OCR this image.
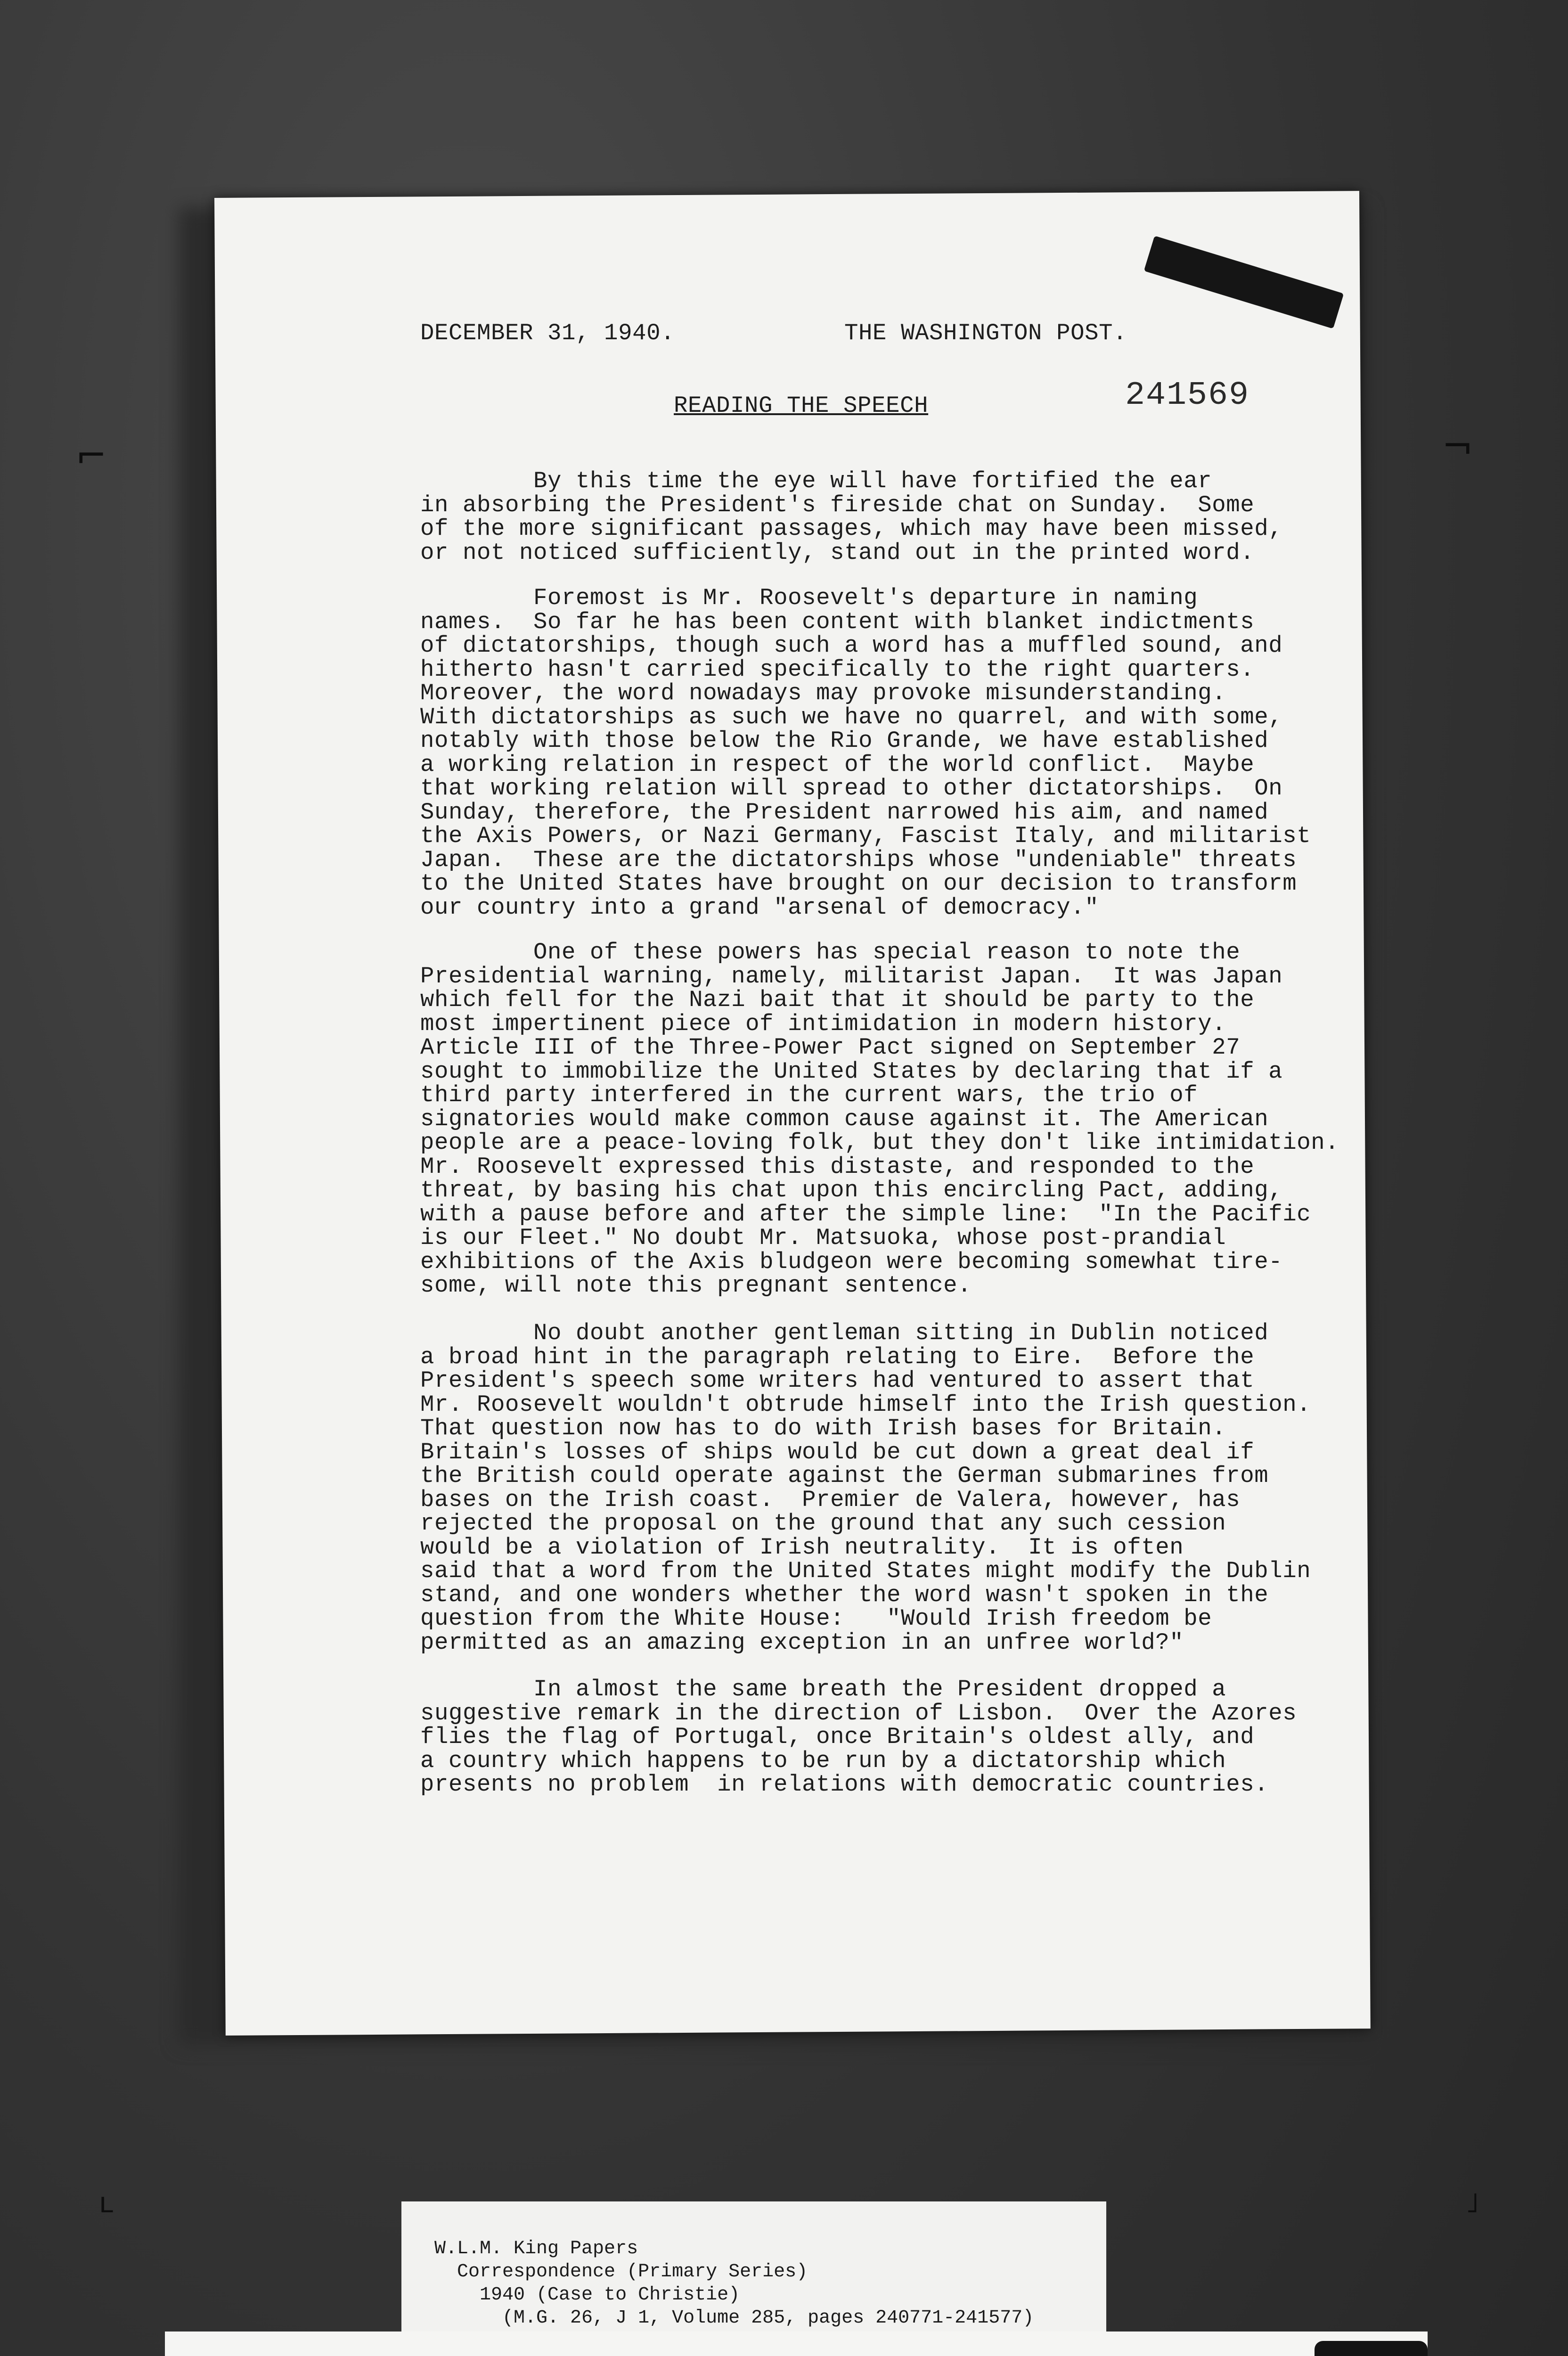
⌐	¬
DECEMBER 31, 1940.	THE WASHINGTON POST.
READING THE SPEECH	241569
By this time the eye will have fortified the ear
in absorbing the President's fireside chat on Sunday.  Some
of the more significant passages, which may have been missed,
or not noticed sufficiently, stand out in the printed word.
Foremost is Mr. Roosevelt's departure in naming
names.  So far he has been content with blanket indictments
of dictatorships, though such a word has a muffled sound, and
hitherto hasn't carried specifically to the right quarters.
Moreover, the word nowadays may provoke misunderstanding.
With dictatorships as such we have no quarrel, and with some,
notably with those below the Rio Grande, we have established
a working relation in respect of the world conflict.  Maybe
that working relation will spread to other dictatorships.  On
Sunday, therefore, the President narrowed his aim, and named
the Axis Powers, or Nazi Germany, Fascist Italy, and militarist
Japan.  These are the dictatorships whose "undeniable" threats
to the United States have brought on our decision to transform
our country into a grand "arsenal of democracy."
One of these powers has special reason to note the
Presidential warning, namely, militarist Japan.  It was Japan
which fell for the Nazi bait that it should be party to the
most impertinent piece of intimidation in modern history.
Article III of the Three-Power Pact signed on September 27
sought to immobilize the United States by declaring that if a
third party interfered in the current wars, the trio of
signatories would make common cause against it. The American
people are a peace-loving folk, but they don't like intimidation.
Mr. Roosevelt expressed this distaste, and responded to the
threat, by basing his chat upon this encircling Pact, adding,
with a pause before and after the simple line:  "In the Pacific
is our Fleet." No doubt Mr. Matsuoka, whose post-prandial
exhibitions of the Axis bludgeon were becoming somewhat tire-
some, will note this pregnant sentence.
No doubt another gentleman sitting in Dublin noticed
a broad hint in the paragraph relating to Eire.  Before the
President's speech some writers had ventured to assert that
Mr. Roosevelt wouldn't obtrude himself into the Irish question.
That question now has to do with Irish bases for Britain.
Britain's losses of ships would be cut down a great deal if
the British could operate against the German submarines from
bases on the Irish coast.  Premier de Valera, however, has
rejected the proposal on the ground that any such cession
would be a violation of Irish neutrality.  It is often
said that a word from the United States might modify the Dublin
stand, and one wonders whether the word wasn't spoken in the
question from the White House:   "Would Irish freedom be
permitted as an amazing exception in an unfree world?"
In almost the same breath the President dropped a
suggestive remark in the direction of Lisbon.  Over the Azores
flies the flag of Portugal, once Britain's oldest ally, and
a country which happens to be run by a dictatorship which
presents no problem  in relations with democratic countries.
ʟ	˩
W.L.M. King Papers
Correspondence (Primary Series)
1940 (Case to Christie)
(M.G. 26, J 1, Volume 285, pages 240771-241577)
